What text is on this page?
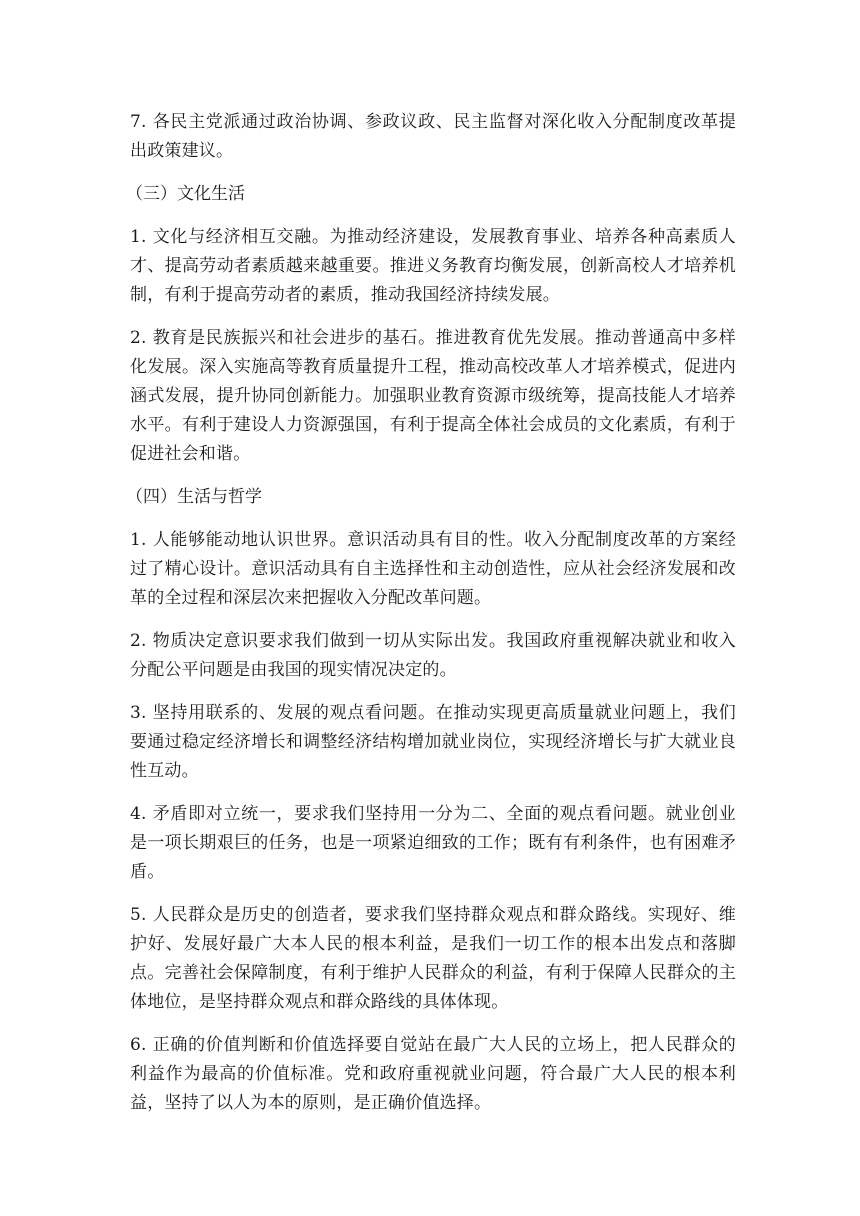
7. 各民主党派通过政治协调、参政议政、民主监督对深化收入分配制度改革提出政策建议。

（三）文化生活

1. 文化与经济相互交融。为推动经济建设，发展教育事业、培养各种高素质人才、提高劳动者素质越来越重要。推进义务教育均衡发展，创新高校人才培养机制，有利于提高劳动者的素质，推动我国经济持续发展。

2. 教育是民族振兴和社会进步的基石。推进教育优先发展。推动普通高中多样化发展。深入实施高等教育质量提升工程，推动高校改革人才培养模式，促进内涵式发展，提升协同创新能力。加强职业教育资源市级统筹，提高技能人才培养水平。有利于建设人力资源强国，有利于提高全体社会成员的文化素质，有利于促进社会和谐。

（四）生活与哲学

1. 人能够能动地认识世界。意识活动具有目的性。收入分配制度改革的方案经过了精心设计。意识活动具有自主选择性和主动创造性，应从社会经济发展和改革的全过程和深层次来把握收入分配改革问题。

2. 物质决定意识要求我们做到一切从实际出发。我国政府重视解决就业和收入分配公平问题是由我国的现实情况决定的。

3. 坚持用联系的、发展的观点看问题。在推动实现更高质量就业问题上，我们要通过稳定经济增长和调整经济结构增加就业岗位，实现经济增长与扩大就业良性互动。

4. 矛盾即对立统一，要求我们坚持用一分为二、全面的观点看问题。就业创业是一项长期艰巨的任务，也是一项紧迫细致的工作；既有有利条件，也有困难矛盾。

5. 人民群众是历史的创造者，要求我们坚持群众观点和群众路线。实现好、维护好、发展好最广大本人民的根本利益，是我们一切工作的根本出发点和落脚点。完善社会保障制度，有利于维护人民群众的利益，有利于保障人民群众的主体地位，是坚持群众观点和群众路线的具体体现。

6. 正确的价值判断和价值选择要自觉站在最广大人民的立场上，把人民群众的利益作为最高的价值标准。党和政府重视就业问题，符合最广大人民的根本利益，坚持了以人为本的原则，是正确价值选择。
